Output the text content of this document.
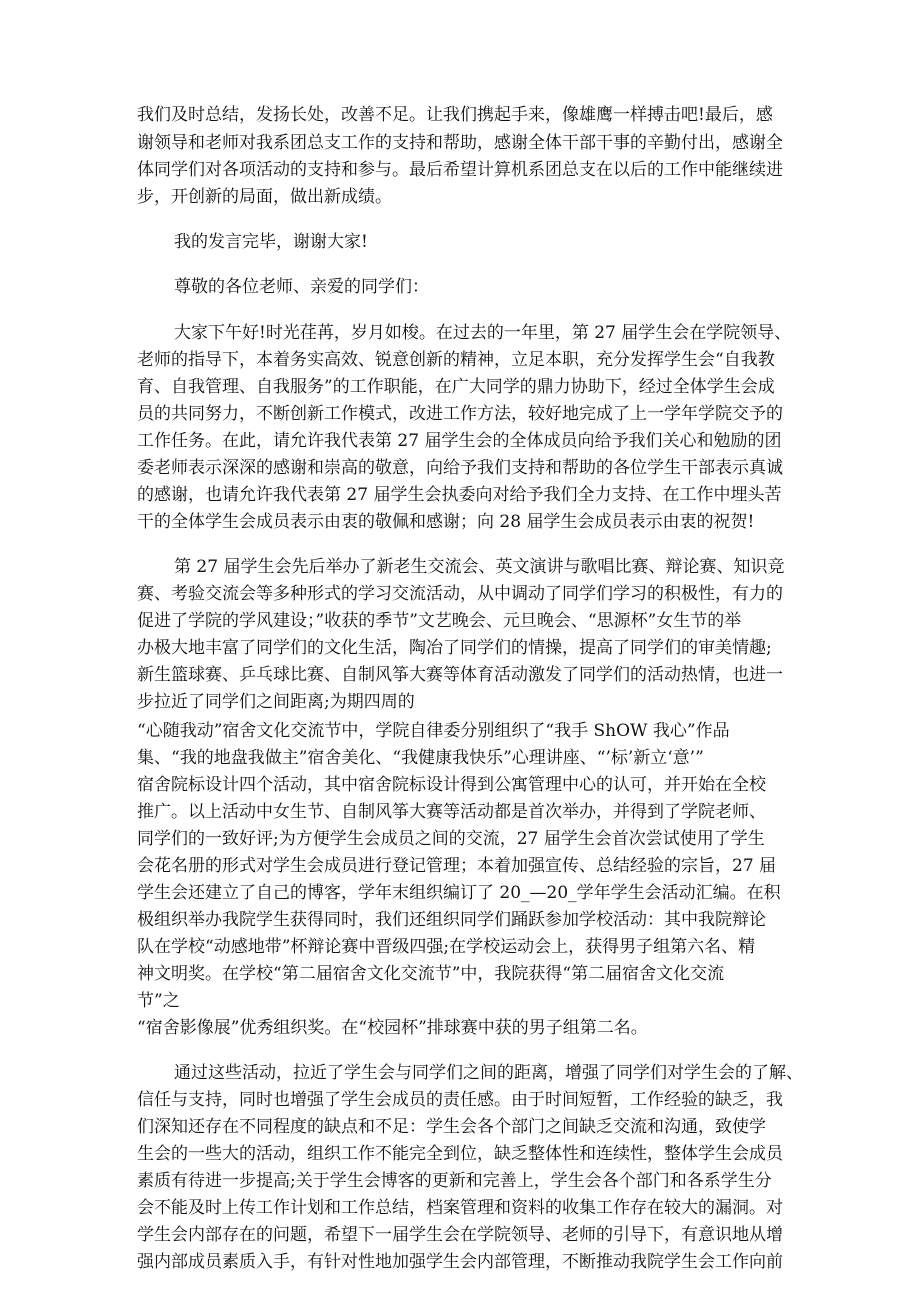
我们及时总结，发扬长处，改善不足。让我们携起手来，像雄鹰一样搏击吧!最后，感

谢领导和老师对我系团总支工作的支持和帮助，感谢全体干部干事的辛勤付出，感谢全

体同学们对各项活动的支持和参与。最后希望计算机系团总支在以后的工作中能继续进

步，开创新的局面，做出新成绩。

我的发言完毕，谢谢大家!

尊敬的各位老师、亲爱的同学们：

大家下午好!时光荏苒，岁月如梭。在过去的一年里，第 27 届学生会在学院领导、

老师的指导下，本着务实高效、锐意创新的精神，立足本职，充分发挥学生会“自我教

育、自我管理、自我服务”的工作职能，在广大同学的鼎力协助下，经过全体学生会成

员的共同努力，不断创新工作模式，改进工作方法，较好地完成了上一学年学院交予的

工作任务。在此，请允许我代表第 27 届学生会的全体成员向给予我们关心和勉励的团

委老师表示深深的感谢和崇高的敬意，向给予我们支持和帮助的各位学生干部表示真诚

的感谢，也请允许我代表第 27 届学生会执委向对给予我们全力支持、在工作中埋头苦

干的全体学生会成员表示由衷的敬佩和感谢；向 28 届学生会成员表示由衷的祝贺!

第 27 届学生会先后举办了新老生交流会、英文演讲与歌唱比赛、辩论赛、知识竞

赛、考验交流会等多种形式的学习交流活动，从中调动了同学们学习的积极性，有力的

促进了学院的学风建设；”收获的季节”文艺晚会、元旦晚会、“思源杯”女生节的举

办极大地丰富了同学们的文化生活，陶冶了同学们的情操，提高了同学们的审美情趣;

新生篮球赛、乒乓球比赛、自制风筝大赛等体育活动激发了同学们的活动热情，也进一

步拉近了同学们之间距离;为期四周的

“心随我动”宿舍文化交流节中，学院自律委分别组织了“我手 ShOW 我心”作品

集、“我的地盘我做主”宿舍美化、“我健康我快乐”心理讲座、“’标’新立‘意’”

宿舍院标设计四个活动，其中宿舍院标设计得到公寓管理中心的认可，并开始在全校

推广。以上活动中女生节、自制风筝大赛等活动都是首次举办，并得到了学院老师、

同学们的一致好评;为方便学生会成员之间的交流，27 届学生会首次尝试使用了学生

会花名册的形式对学生会成员进行登记管理；本着加强宣传、总结经验的宗旨，27 届

学生会还建立了自己的博客，学年末组织编订了 20_—20_学年学生会活动汇编。在积

极组织举办我院学生获得同时，我们还组织同学们踊跃参加学校活动：其中我院辩论

队在学校“动感地带”杯辩论赛中晋级四强;在学校运动会上，获得男子组第六名、精

神文明奖。在学校“第二届宿舍文化交流节”中，我院获得“第二届宿舍文化交流

节”之

“宿舍影像展”优秀组织奖。在“校园杯”排球赛中获的男子组第二名。

通过这些活动，拉近了学生会与同学们之间的距离，增强了同学们对学生会的了解、

信任与支持，同时也增强了学生会成员的责任感。由于时间短暂，工作经验的缺乏，我

们深知还存在不同程度的缺点和不足：学生会各个部门之间缺乏交流和沟通，致使学

生会的一些大的活动，组织工作不能完全到位，缺乏整体性和连续性，整体学生会成员

素质有待进一步提高;关于学生会博客的更新和完善上，学生会各个部门和各系学生分

会不能及时上传工作计划和工作总结，档案管理和资料的收集工作存在较大的漏洞。对

学生会内部存在的问题，希望下一届学生会在学院领导、老师的引导下，有意识地从增

强内部成员素质入手，有针对性地加强学生会内部管理，不断推动我院学生会工作向前
